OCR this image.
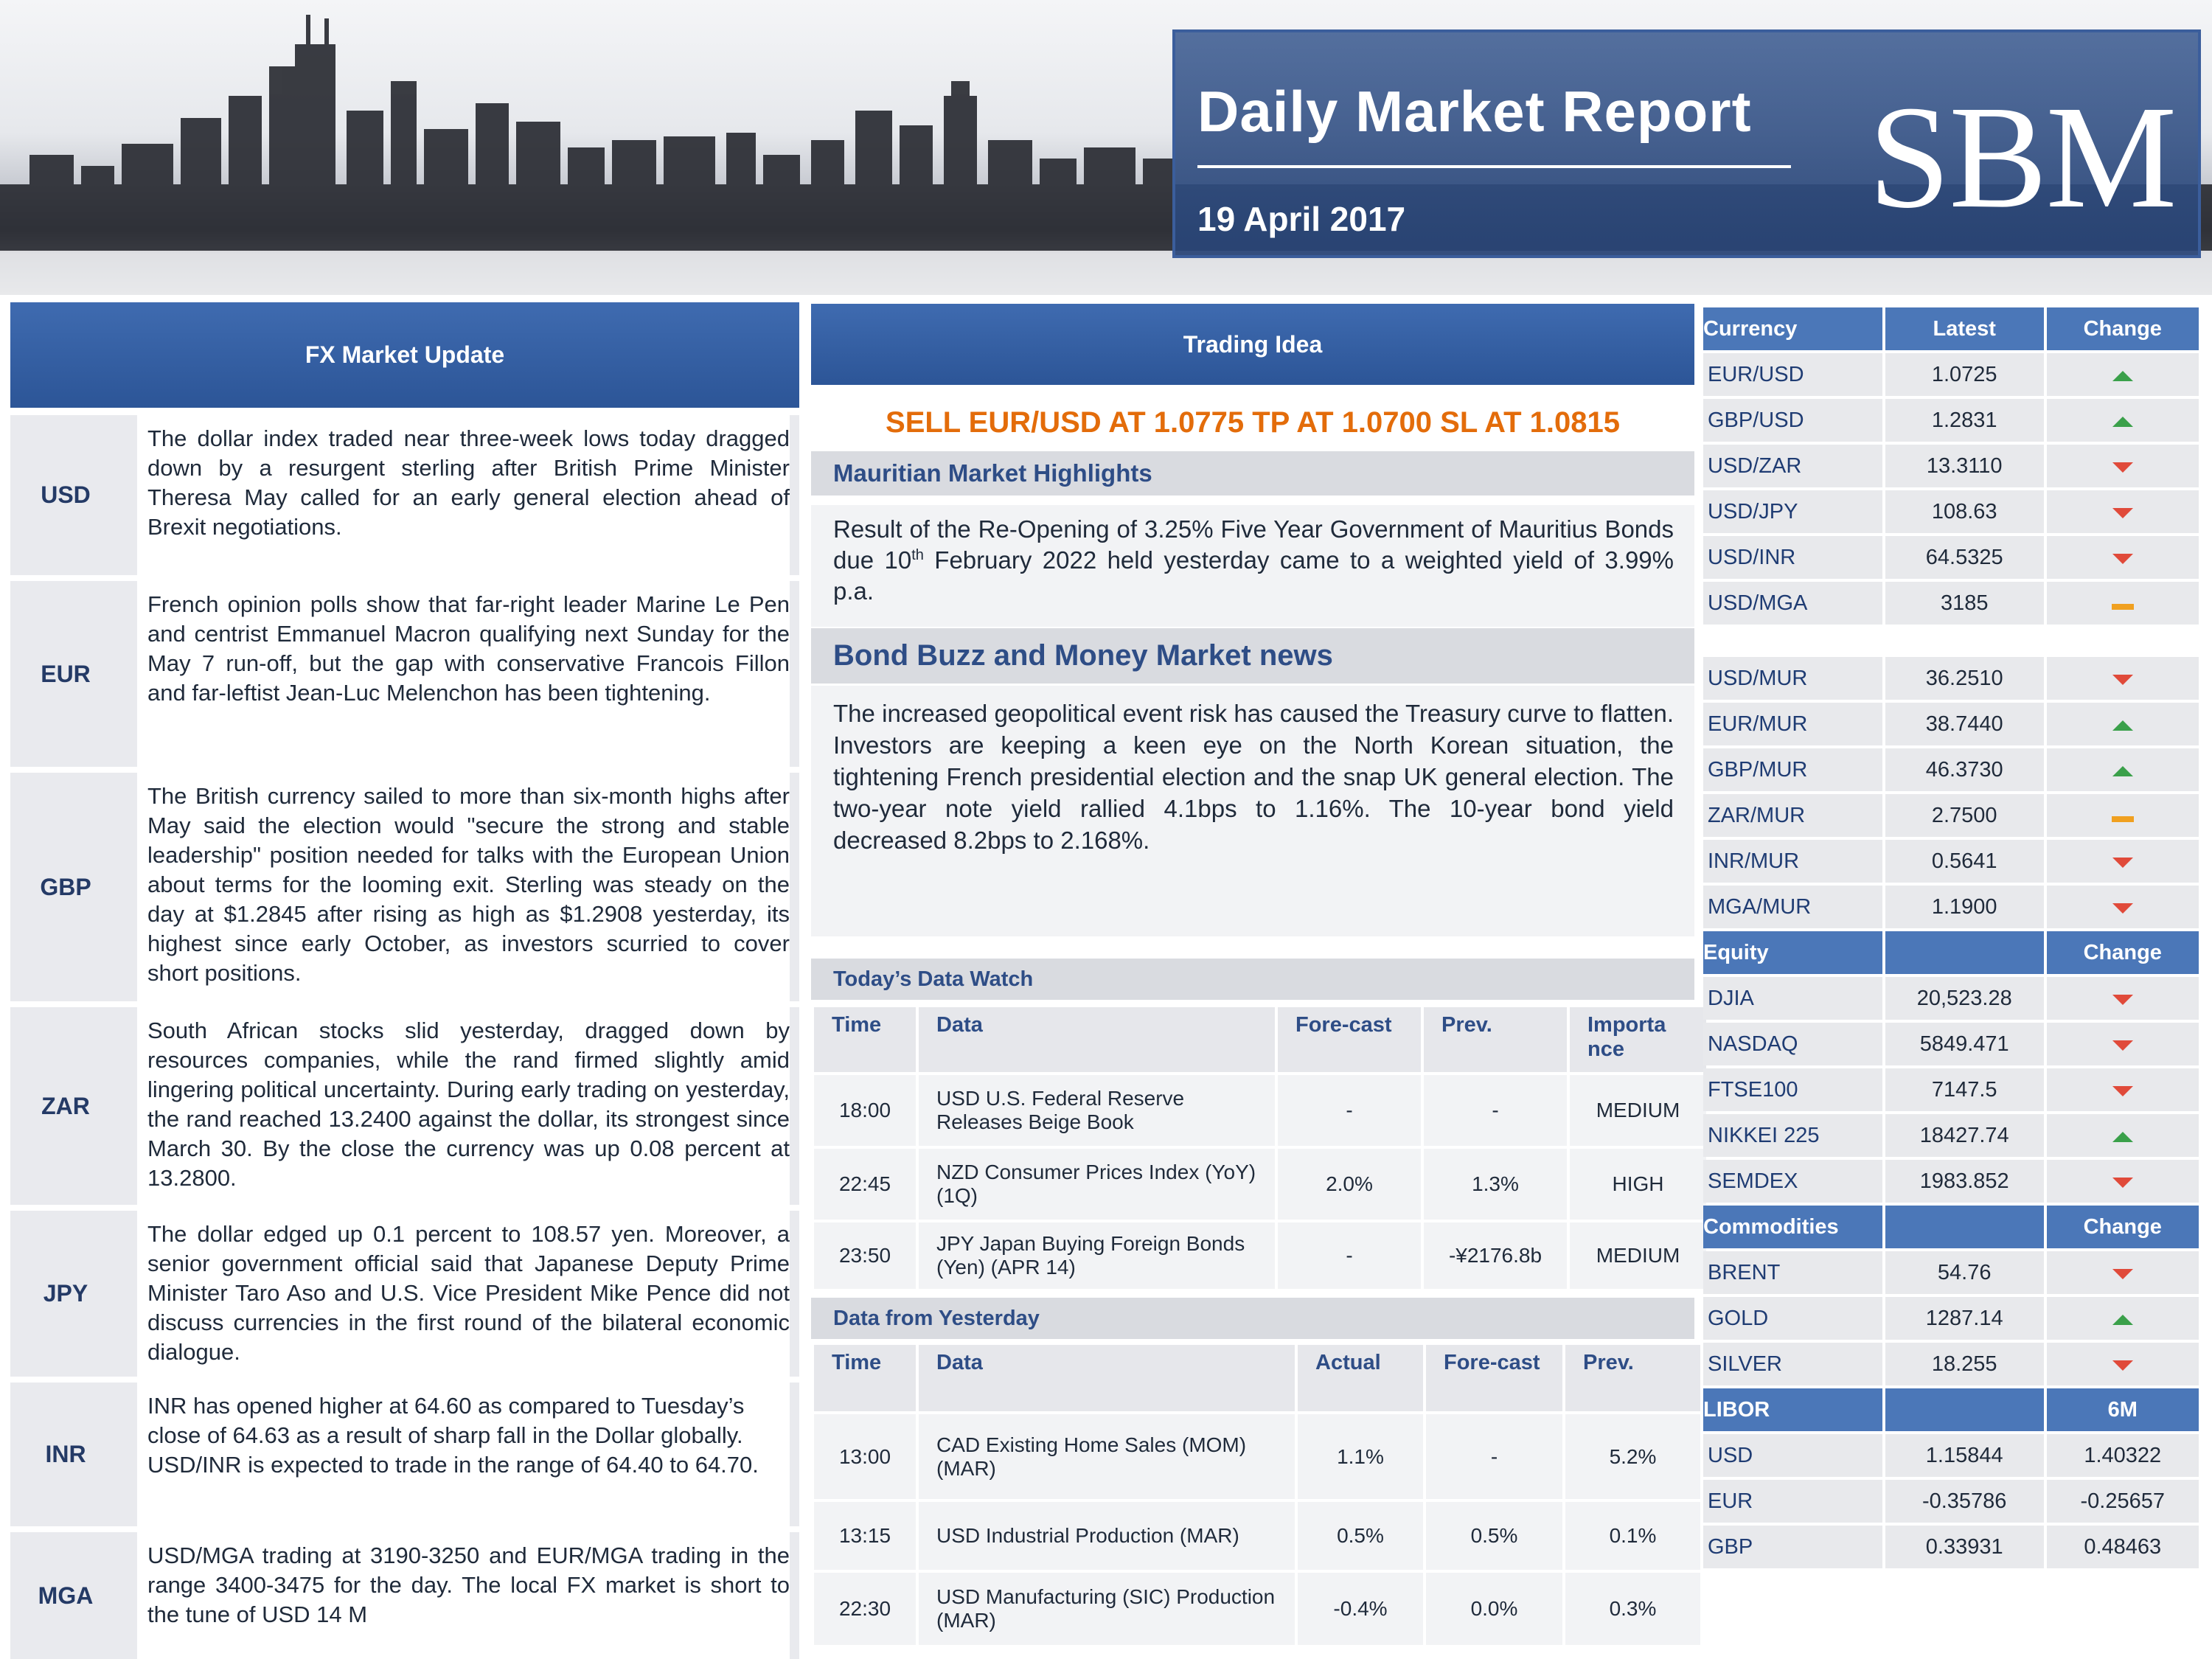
Daily Market Report
19 April 2017	SBM
FX Market Update
USD

The dollar index traded near three-week lows today dragged down by a resurgent sterling after British Prime Minister Theresa May called for an early general election ahead of Brexit negotiations.

EUR

French opinion polls show that far-right leader Marine Le Pen and centrist Emmanuel Macron qualifying next Sunday for the May 7 run-off, but the gap with conservative Francois Fillon and far-leftist Jean-Luc Melenchon has been tightening.

GBP

The British currency sailed to more than six-month highs after May said the election would "secure the strong and stable leadership" position needed for talks with the European Union about terms for the looming exit. Sterling was steady on the day at $1.2845 after rising as high as $1.2908 yesterday, its highest since early October, as investors scurried to cover short positions.

ZAR

South African stocks slid yesterday, dragged down by resources companies, while the rand firmed slightly amid lingering political uncertainty. During early trading on yesterday, the rand reached 13.2400 against the dollar, its strongest since March 30. By the close the currency was up 0.08 percent at 13.2800.

JPY

The dollar edged up 0.1 percent to 108.57 yen. Moreover, a senior government official said that Japanese Deputy Prime Minister Taro Aso and U.S. Vice President Mike Pence did not discuss currencies in the first round of the bilateral economic dialogue.

INR

INR has opened higher at 64.60 as compared to Tuesday’s close of 64.63 as a result of sharp fall in the Dollar globally. USD/INR is expected to trade in the range of 64.40 to 64.70.

MGA

USD/MGA trading at 3190-3250 and EUR/MGA trading in the range 3400-3475 for the day. The local FX market is short to the tune of USD 14 M

Trading Idea
SELL EUR/USD AT 1.0775 TP AT 1.0700 SL AT 1.0815
Mauritian Market Highlights

Result of the Re-Opening of 3.25% Five Year Government of Mauritius Bonds due 10th February 2022 held yesterday came to a weighted yield of 3.99% p.a.

Bond Buzz and Money Market news

The increased geopolitical event risk has caused the Treasury curve to flatten. Investors are keeping a keen eye on the North Korean situation, the tightening French presidential election and the snap UK general election. The two-year note yield rallied 4.1bps to 1.16%. The 10-year bond yield decreased 8.2bps to 2.168%.

Today’s Data Watch
Time	Data	Fore-cast	Prev.	Importa nce
18:00	USD U.S. Federal Reserve Releases Beige Book	-	-	MEDIUM
22:45	NZD Consumer Prices Index (YoY) (1Q)	2.0%	1.3%	HIGH
23:50	JPY Japan Buying Foreign Bonds (Yen) (APR 14)	-	-¥2176.8b	MEDIUM
Data from Yesterday
Time	Data	Actual	Fore-cast	Prev.
13:00	CAD Existing Home Sales (MOM) (MAR)	1.1%	-	5.2%
13:15	USD Industrial Production (MAR)	0.5%	0.5%	0.1%
22:30	USD Manufacturing (SIC) Production (MAR)	-0.4%	0.0%	0.3%
Currency	Latest	Change
EUR/USD	1.0725	
GBP/USD	1.2831	
USD/ZAR	13.3110	
USD/JPY	108.63	
USD/INR	64.5325	
USD/MGA	3185	

USD/MUR	36.2510	
EUR/MUR	38.7440	
GBP/MUR	46.3730	
ZAR/MUR	2.7500	
INR/MUR	0.5641	
MGA/MUR	1.1900	
Equity		Change
DJIA	20,523.28	
NASDAQ	5849.471	
FTSE100	7147.5	
NIKKEI 225	18427.74	
SEMDEX	1983.852	
Commodities		Change
BRENT	54.76	
GOLD	1287.14	
SILVER	18.255	
LIBOR		6M
USD	1.15844	1.40322
EUR	-0.35786	-0.25657
GBP	0.33931	0.48463
